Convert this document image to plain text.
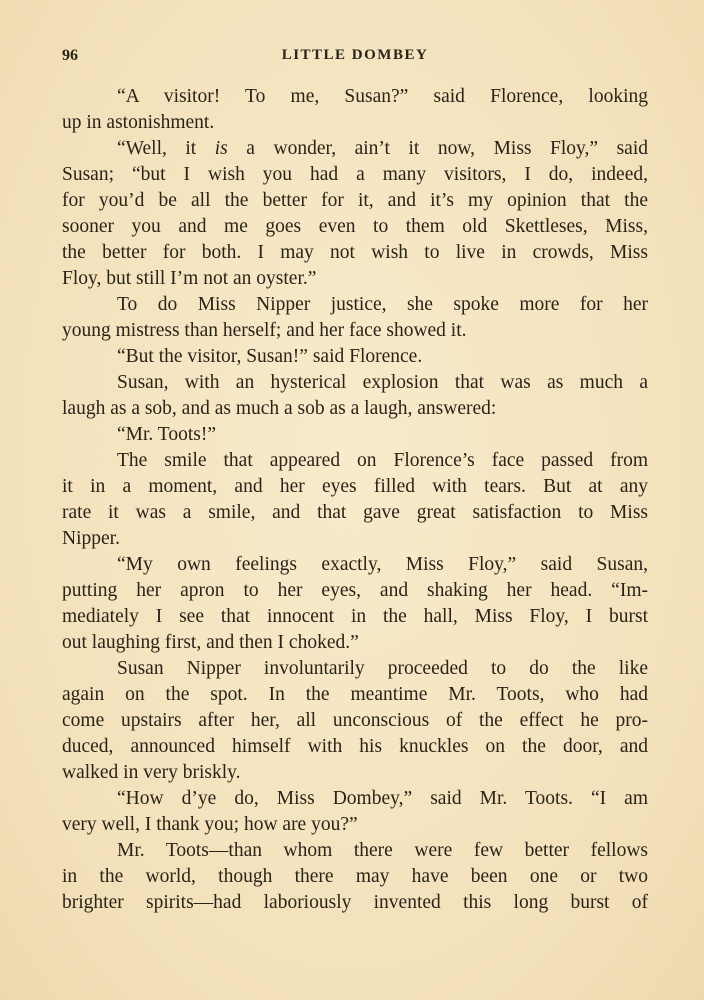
96	LITTLE DOMBEY
“A visitor! To me, Susan?” said Florence, looking
up in astonishment.
“Well, it is a wonder, ain’t it now, Miss Floy,” said
Susan; “but I wish you had a many visitors, I do, indeed,
for you’d be all the better for it, and it’s my opinion that the
sooner you and me goes even to them old Skettleses, Miss,
the better for both. I may not wish to live in crowds, Miss
Floy, but still I’m not an oyster.”
To do Miss Nipper justice, she spoke more for her
young mistress than herself; and her face showed it.
“But the visitor, Susan!” said Florence.
Susan, with an hysterical explosion that was as much a
laugh as a sob, and as much a sob as a laugh, answered:
“Mr. Toots!”
The smile that appeared on Florence’s face passed from
it in a moment, and her eyes filled with tears. But at any
rate it was a smile, and that gave great satisfaction to Miss
Nipper.
“My own feelings exactly, Miss Floy,” said Susan,
putting her apron to her eyes, and shaking her head. “Im-
mediately I see that innocent in the hall, Miss Floy, I burst
out laughing first, and then I choked.”
Susan Nipper involuntarily proceeded to do the like
again on the spot. In the meantime Mr. Toots, who had
come upstairs after her, all unconscious of the effect he pro-
duced, announced himself with his knuckles on the door, and
walked in very briskly.
“How d’ye do, Miss Dombey,” said Mr. Toots. “I am
very well, I thank you; how are you?”
Mr. Toots—than whom there were few better fellows
in the world, though there may have been one or two
brighter spirits—had laboriously invented this long burst of
